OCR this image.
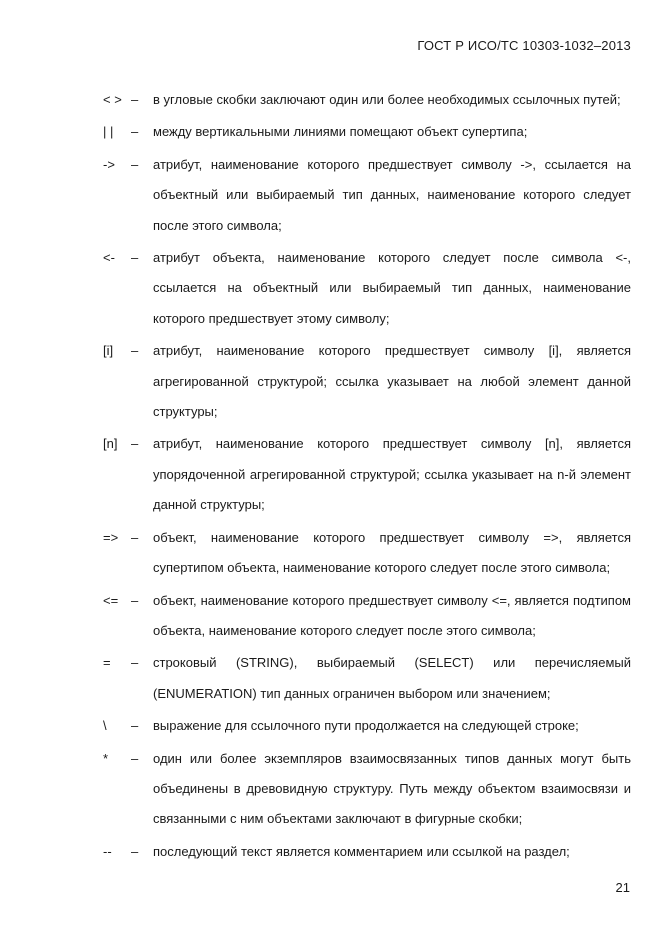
ГОСТ Р ИСО/ТС 10303-1032–2013
< > –	в угловые скобки заключают один или более необходимых ссылочных путей;
| |	–	между вертикальными линиями помещают объект супертипа;
->	–	атрибут, наименование которого предшествует символу ->, ссылается на объектный или выбираемый тип данных, наименование которого следует после этого символа;
<-	–	атрибут объекта, наименование которого следует после символа <-, ссылается на объектный или выбираемый тип данных, наименование которого предшествует этому символу;
[i]	–	атрибут, наименование которого предшествует символу [i], является агрегированной структурой; cсылка указывает на любой элемент данной структуры;
[n]	–	атрибут, наименование которого предшествует символу [n], является упорядоченной агрегированной структурой; ссылка указывает на n-й элемент данной структуры;
=> –	объект, наименование которого предшествует символу =>, является супертипом объекта, наименование которого следует после этого символа;
<= –	объект, наименование которого предшествует символу <=, является подтипом объекта, наименование которого следует после этого символа;
=	–	строковый (STRING), выбираемый (SELECT) или перечисляемый (ENUMERATION) тип данных ограничен выбором или значением;
\	–	выражение для ссылочного пути продолжается на следующей строке;
*	–	один или более экземпляров взаимосвязанных типов данных могут быть объединены в древовидную структуру. Путь между объектом взаимосвязи и связанными с ним объектами заключают в фигурные скобки;
--	–	последующий текст является комментарием или ссылкой на раздел;
21
